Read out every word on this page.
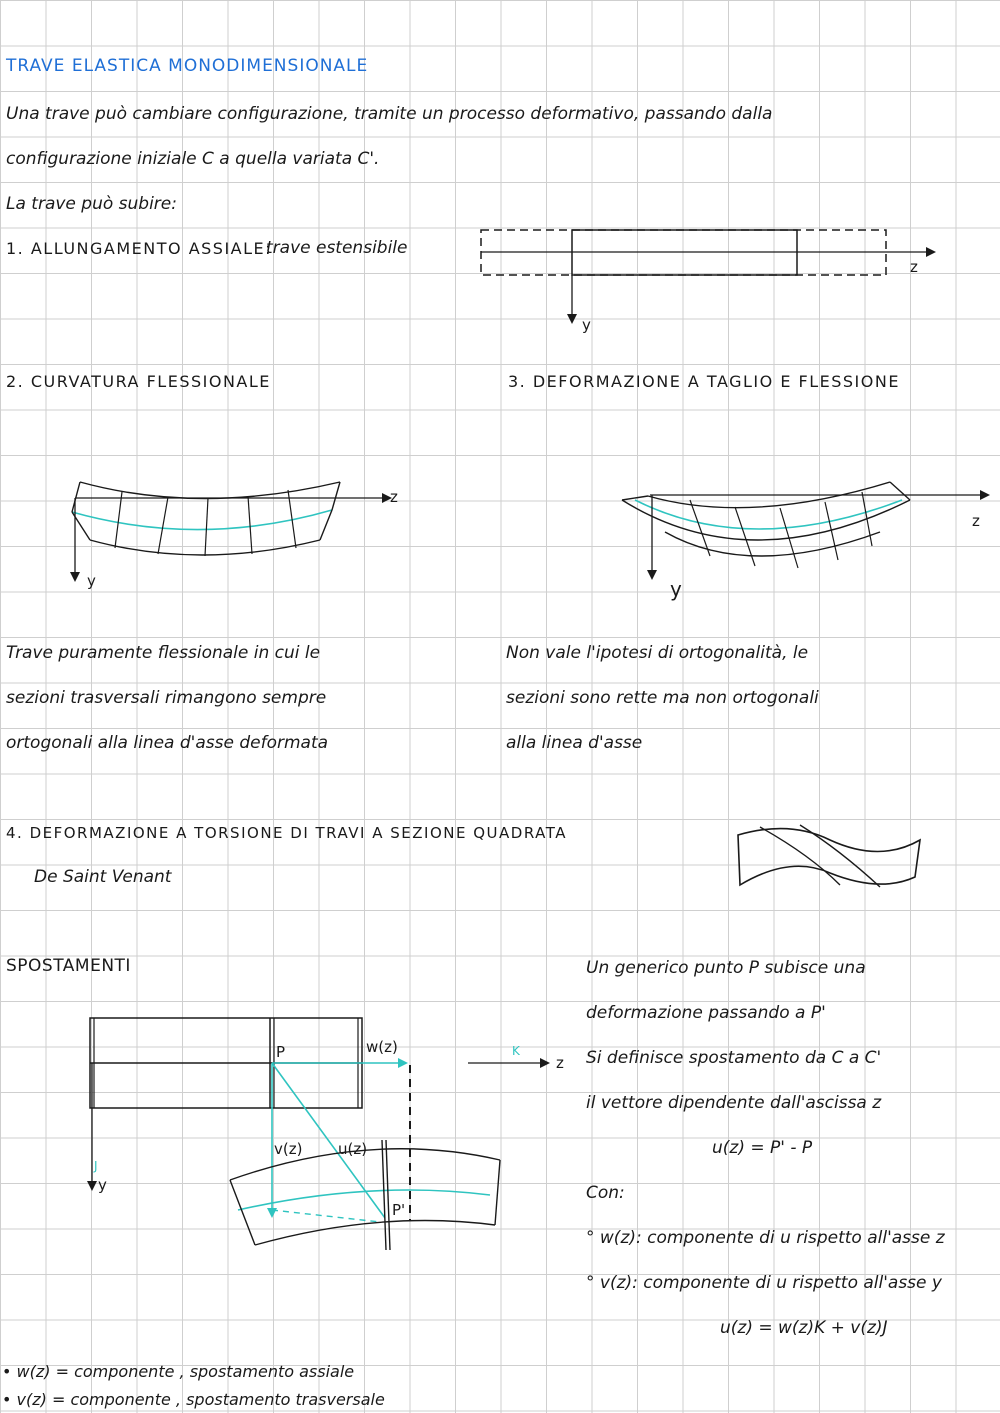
TRAVE ELASTICA MONODIMENSIONALE
Una trave può cambiare configurazione, tramite un processo deformativo, passando dalla
configurazione iniziale C a quella variata C'.
La trave può subire:
1. ALLUNGAMENTO ASSIALE:
trave estensibile
z
y
2. CURVATURA FLESSIONALE
z
y
Trave puramente flessionale in cui le
sezioni trasversali rimangono sempre
ortogonali alla linea d'asse deformata
3. DEFORMAZIONE A TAGLIO E FLESSIONE
z
y
Non vale l'ipotesi di ortogonalità, le
sezioni sono rette ma non ortogonali
alla linea d'asse
4. DEFORMAZIONE A TORSIONE DI TRAVI A SEZIONE QUADRATA
De Saint Venant
SPOSTAMENTI
P
P'
w(z)
v(z) u(z)
K
z
J
y
Un generico punto P subisce una
deformazione passando a P'
Si definisce spostamento da C a C'
il vettore dipendente dall'ascissa z
u(z) = P' - P
Con:
° w(z): componente di u rispetto all'asse z
° v(z): componente di u rispetto all'asse y
u(z) = w(z)K + v(z)J
• w(z) = componente , spostamento assiale
• v(z) = componente , spostamento trasversale
